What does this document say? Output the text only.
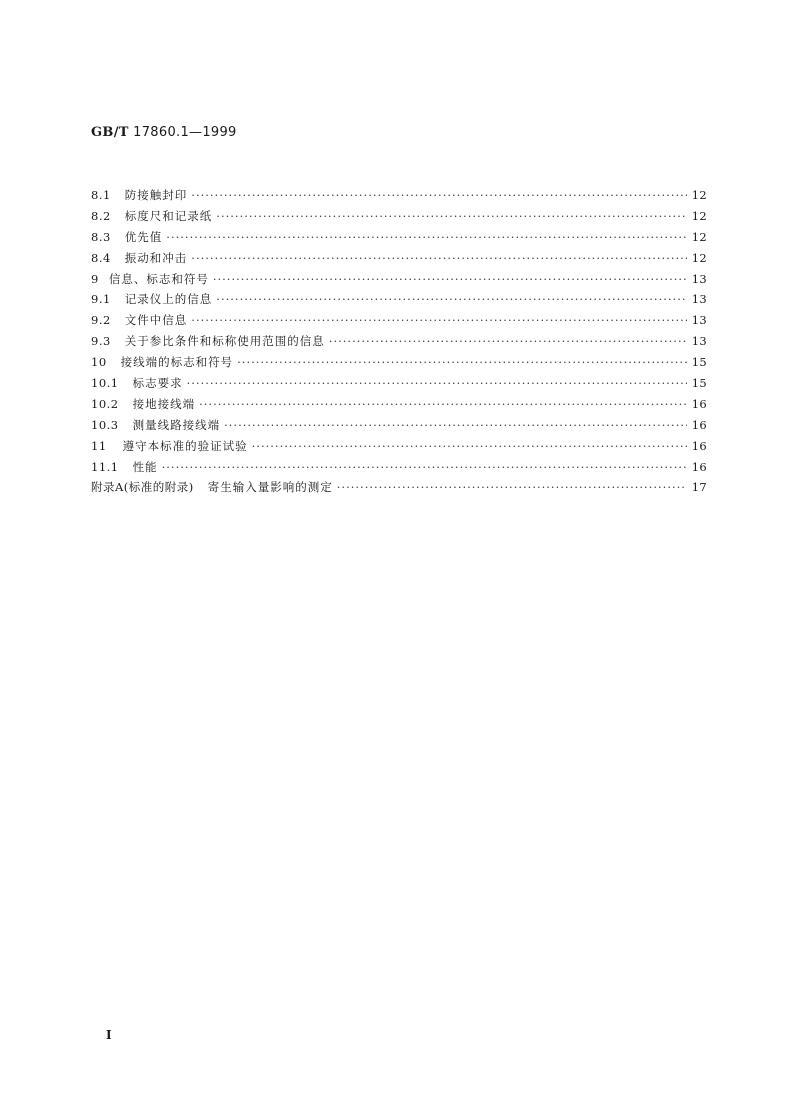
GB/T 17860.1—1999
8.1 防接触封印 ·····	12
8.2 标度尺和记录纸 ·····	12
8.3 优先值 ·····	12
8.4 振动和冲击 ·····	12
9 信息、标志和符号 ·····	13
9.1 记录仪上的信息 ·····	13
9.2 文件中信息 ·····	13
9.3 关于参比条件和标称使用范围的信息 ·····	13
10 接线端的标志和符号 ·····	15
10.1 标志要求 ·····	15
10.2 接地接线端 ·····	16
10.3 测量线路接线端 ·····	16
11 遵守本标准的验证试验 ·····	16
11.1 性能 ·····	16
附录A(标准的附录) 寄生输入量影响的测定 ·····	17
I
